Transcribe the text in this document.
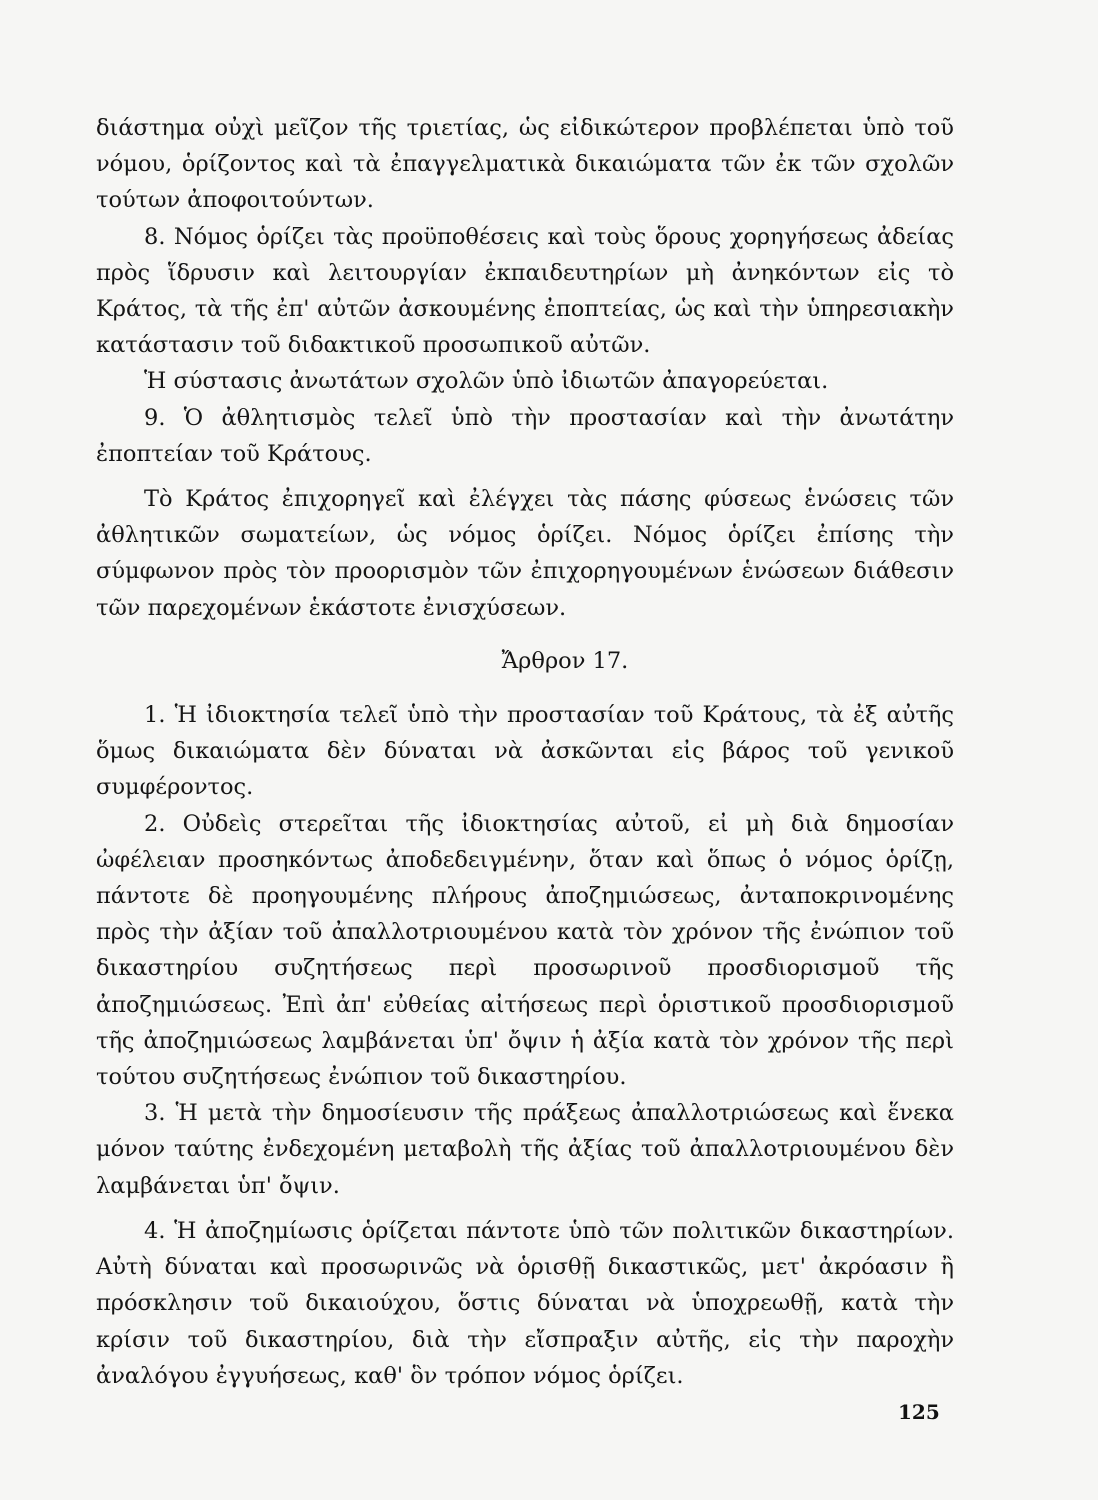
διάστημα οὐχὶ μεῖζον τῆς τριετίας, ὡς εἰδικώτερον προβλέπεται ὑπὸ τοῦ νόμου, ὁρίζοντος καὶ τὰ ἐπαγγελματικὰ δικαιώματα τῶν ἐκ τῶν σχολῶν τούτων ἀποφοιτούντων.

8. Νόμος ὁρίζει τὰς προϋποθέσεις καὶ τοὺς ὅρους χορηγήσεως ἀδείας πρὸς ἵδρυσιν καὶ λειτουργίαν ἐκπαιδευτηρίων μὴ ἀνηκόντων εἰς τὸ Κράτος, τὰ τῆς ἐπ' αὐτῶν ἀσκουμένης ἐποπτείας, ὡς καὶ τὴν ὑπηρεσιακὴν κατάστασιν τοῦ διδακτικοῦ προσωπικοῦ αὐτῶν.

Ἡ σύστασις ἀνωτάτων σχολῶν ὑπὸ ἰδιωτῶν ἀπαγορεύεται.

9. Ὁ ἀθλητισμὸς τελεῖ ὑπὸ τὴν προστασίαν καὶ τὴν ἀνωτάτην ἐποπτείαν τοῦ Κράτους.

Τὸ Κράτος ἐπιχορηγεῖ καὶ ἐλέγχει τὰς πάσης φύσεως ἑνώσεις τῶν ἀθλητικῶν σωματείων, ὡς νόμος ὁρίζει. Νόμος ὁρίζει ἐπίσης τὴν σύμφωνον πρὸς τὸν προορισμὸν τῶν ἐπιχορηγουμένων ἑνώσεων διάθεσιν τῶν παρεχομένων ἑκάστοτε ἐνισχύσεων.

Ἄρθρον 17.

1. Ἡ ἰδιοκτησία τελεῖ ὑπὸ τὴν προστασίαν τοῦ Κράτους, τὰ ἐξ αὐτῆς ὅμως δικαιώματα δὲν δύναται νὰ ἀσκῶνται εἰς βάρος τοῦ γενικοῦ συμφέροντος.

2. Οὐδεὶς στερεῖται τῆς ἰδιοκτησίας αὐτοῦ, εἰ μὴ διὰ δημοσίαν ὠφέλειαν προσηκόντως ἀποδεδειγμένην, ὅταν καὶ ὅπως ὁ νόμος ὁρίζῃ, πάντοτε δὲ προηγουμένης πλήρους ἀποζημιώσεως, ἀνταποκρινομένης πρὸς τὴν ἀξίαν τοῦ ἀπαλλοτριουμένου κατὰ τὸν χρόνον τῆς ἐνώπιον τοῦ δικαστηρίου συζητήσεως περὶ προσωρινοῦ προσδιορισμοῦ τῆς ἀποζημιώσεως. Ἐπὶ ἀπ' εὐθείας αἰτήσεως περὶ ὁριστικοῦ προσδιορισμοῦ τῆς ἀποζημιώσεως λαμβάνεται ὑπ' ὄψιν ἡ ἀξία κατὰ τὸν χρόνον τῆς περὶ τούτου συζητήσεως ἐνώπιον τοῦ δικαστηρίου.

3. Ἡ μετὰ τὴν δημοσίευσιν τῆς πράξεως ἀπαλλοτριώσεως καὶ ἕνεκα μόνον ταύτης ἐνδεχομένη μεταβολὴ τῆς ἀξίας τοῦ ἀπαλλοτριουμένου δὲν λαμβάνεται ὑπ' ὄψιν.

4. Ἡ ἀποζημίωσις ὁρίζεται πάντοτε ὑπὸ τῶν πολιτικῶν δικαστηρίων. Αὐτὴ δύναται καὶ προσωρινῶς νὰ ὁρισθῇ δικαστικῶς, μετ' ἀκρόασιν ἢ πρόσκλησιν τοῦ δικαιούχου, ὅστις δύναται νὰ ὑποχρεωθῇ, κατὰ τὴν κρίσιν τοῦ δικαστηρίου, διὰ τὴν εἴσπραξιν αὐτῆς, εἰς τὴν παροχὴν ἀναλόγου ἐγγυήσεως, καθ' ὃν τρόπον νόμος ὁρίζει.

125
